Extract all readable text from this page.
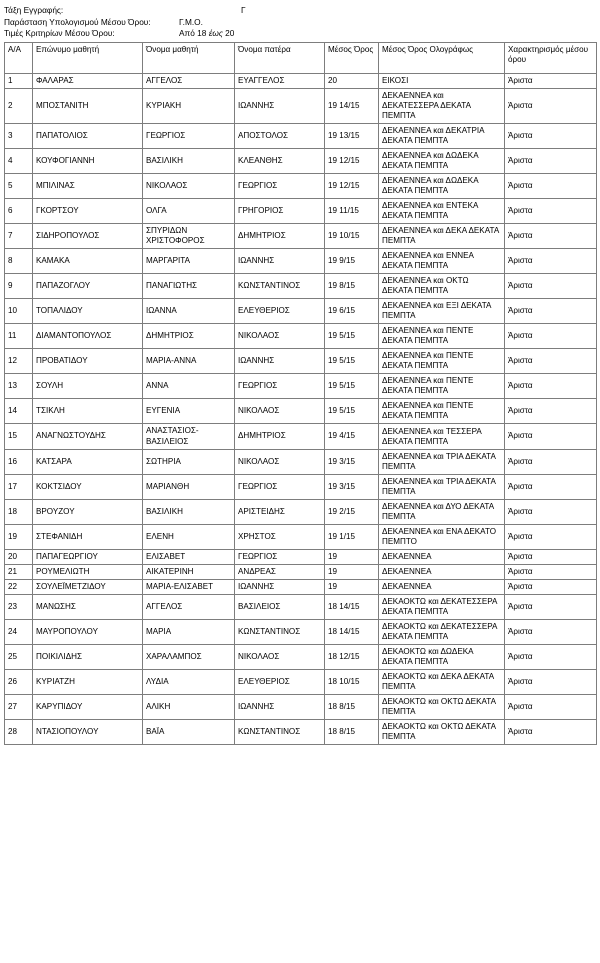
Τάξη Εγγραφής:	Γ
Παράσταση Υπολογισμού Μέσου Όρου:	Γ.Μ.Ο.
Τιμές Κριτηρίων Μέσου Όρου:	Από 18 έως 20
Α/Α	Επώνυμο μαθητή	Όνομα μαθητή	Όνομα πατέρα	Μέσος Όρος	Μέσος Όρος Ολογράφως	Χαρακτηρισμός μέσου όρου
1	ΦΑΛΑΡΑΣ	ΑΓΓΕΛΟΣ	ΕΥΑΓΓΕΛΟΣ	20	ΕΙΚΟΣΙ	Άριστα
2	ΜΠΟΣΤΑΝΙΤΗ	ΚΥΡΙΑΚΗ	ΙΩΑΝΝΗΣ	19 14/15	ΔΕΚΑΕΝΝΕΑ και ΔΕΚΑΤΕΣΣΕΡΑ ΔΕΚΑΤΑ ΠΕΜΠΤΑ	Άριστα
3	ΠΑΠΑΤΟΛΙΟΣ	ΓΕΩΡΓΙΟΣ	ΑΠΟΣΤΟΛΟΣ	19 13/15	ΔΕΚΑΕΝΝΕΑ και ΔΕΚΑΤΡΙΑ ΔΕΚΑΤΑ ΠΕΜΠΤΑ	Άριστα
4	ΚΟΥΦΟΓΙΑΝΝΗ	ΒΑΣΙΛΙΚΗ	ΚΛΕΑΝΘΗΣ	19 12/15	ΔΕΚΑΕΝΝΕΑ και ΔΩΔΕΚΑ ΔΕΚΑΤΑ ΠΕΜΠΤΑ	Άριστα
5	ΜΠΙΛΙΝΑΣ	ΝΙΚΟΛΑΟΣ	ΓΕΩΡΓΙΟΣ	19 12/15	ΔΕΚΑΕΝΝΕΑ και ΔΩΔΕΚΑ ΔΕΚΑΤΑ ΠΕΜΠΤΑ	Άριστα
6	ΓΚΟΡΤΣΟΥ	ΟΛΓΑ	ΓΡΗΓΟΡΙΟΣ	19 11/15	ΔΕΚΑΕΝΝΕΑ και ΕΝΤΕΚΑ ΔΕΚΑΤΑ ΠΕΜΠΤΑ	Άριστα
7	ΣΙΔΗΡΟΠΟΥΛΟΣ	ΣΠΥΡΙΔΩΝ ΧΡΙΣΤΟΦΟΡΟΣ	ΔΗΜΗΤΡΙΟΣ	19 10/15	ΔΕΚΑΕΝΝΕΑ και ΔΕΚΑ ΔΕΚΑΤΑ ΠΕΜΠΤΑ	Άριστα
8	ΚΑΜΑΚΑ	ΜΑΡΓΑΡΙΤΑ	ΙΩΑΝΝΗΣ	19 9/15	ΔΕΚΑΕΝΝΕΑ και ΕΝΝΕΑ ΔΕΚΑΤΑ ΠΕΜΠΤΑ	Άριστα
9	ΠΑΠΑΖΟΓΛΟΥ	ΠΑΝΑΓΙΩΤΗΣ	ΚΩΝΣΤΑΝΤΙΝΟΣ	19 8/15	ΔΕΚΑΕΝΝΕΑ και ΟΚΤΩ ΔΕΚΑΤΑ ΠΕΜΠΤΑ	Άριστα
10	ΤΟΠΑΛΙΔΟΥ	ΙΩΑΝΝΑ	ΕΛΕΥΘΕΡΙΟΣ	19 6/15	ΔΕΚΑΕΝΝΕΑ και ΕΞΙ ΔΕΚΑΤΑ ΠΕΜΠΤΑ	Άριστα
11	ΔΙΑΜΑΝΤΟΠΟΥΛΟΣ	ΔΗΜΗΤΡΙΟΣ	ΝΙΚΟΛΑΟΣ	19 5/15	ΔΕΚΑΕΝΝΕΑ και ΠΕΝΤΕ ΔΕΚΑΤΑ ΠΕΜΠΤΑ	Άριστα
12	ΠΡΟΒΑΤΙΔΟΥ	ΜΑΡΙΑ-ΑΝΝΑ	ΙΩΑΝΝΗΣ	19 5/15	ΔΕΚΑΕΝΝΕΑ και ΠΕΝΤΕ ΔΕΚΑΤΑ ΠΕΜΠΤΑ	Άριστα
13	ΣΟΥΛΗ	ΑΝΝΑ	ΓΕΩΡΓΙΟΣ	19 5/15	ΔΕΚΑΕΝΝΕΑ και ΠΕΝΤΕ ΔΕΚΑΤΑ ΠΕΜΠΤΑ	Άριστα
14	ΤΣΙΚΛΗ	ΕΥΓΕΝΙΑ	ΝΙΚΟΛΑΟΣ	19 5/15	ΔΕΚΑΕΝΝΕΑ και ΠΕΝΤΕ ΔΕΚΑΤΑ ΠΕΜΠΤΑ	Άριστα
15	ΑΝΑΓΝΩΣΤΟΥΔΗΣ	ΑΝΑΣΤΑΣΙΟΣ-ΒΑΣΙΛΕΙΟΣ	ΔΗΜΗΤΡΙΟΣ	19 4/15	ΔΕΚΑΕΝΝΕΑ και ΤΕΣΣΕΡΑ ΔΕΚΑΤΑ ΠΕΜΠΤΑ	Άριστα
16	ΚΑΤΣΑΡΑ	ΣΩΤΗΡΙΑ	ΝΙΚΟΛΑΟΣ	19 3/15	ΔΕΚΑΕΝΝΕΑ και ΤΡΙΑ ΔΕΚΑΤΑ ΠΕΜΠΤΑ	Άριστα
17	ΚΟΚΤΣΙΔΟΥ	ΜΑΡΙΑΝΘΗ	ΓΕΩΡΓΙΟΣ	19 3/15	ΔΕΚΑΕΝΝΕΑ και ΤΡΙΑ ΔΕΚΑΤΑ ΠΕΜΠΤΑ	Άριστα
18	ΒΡΟΥΖΟΥ	ΒΑΣΙΛΙΚΗ	ΑΡΙΣΤΕΙΔΗΣ	19 2/15	ΔΕΚΑΕΝΝΕΑ και ΔΥΟ ΔΕΚΑΤΑ ΠΕΜΠΤΑ	Άριστα
19	ΣΤΕΦΑΝΙΔΗ	ΕΛΕΝΗ	ΧΡΗΣΤΟΣ	19 1/15	ΔΕΚΑΕΝΝΕΑ και ΕΝΑ ΔΕΚΑΤΟ ΠΕΜΠΤΟ	Άριστα
20	ΠΑΠΑΓΕΩΡΓΙΟΥ	ΕΛΙΣΑΒΕΤ	ΓΕΩΡΓΙΟΣ	19	ΔΕΚΑΕΝΝΕΑ	Άριστα
21	ΡΟΥΜΕΛΙΩΤΗ	ΑΙΚΑΤΕΡΙΝΗ	ΑΝΔΡΕΑΣ	19	ΔΕΚΑΕΝΝΕΑ	Άριστα
22	ΣΟΥΛΕΪΜΕΤΖΙΔΟΥ	ΜΑΡΙΑ-ΕΛΙΣΑΒΕΤ	ΙΩΑΝΝΗΣ	19	ΔΕΚΑΕΝΝΕΑ	Άριστα
23	ΜΑΝΩΣΗΣ	ΑΓΓΕΛΟΣ	ΒΑΣΙΛΕΙΟΣ	18 14/15	ΔΕΚΑΟΚΤΩ και ΔΕΚΑΤΕΣΣΕΡΑ ΔΕΚΑΤΑ ΠΕΜΠΤΑ	Άριστα
24	ΜΑΥΡΟΠΟΥΛΟΥ	ΜΑΡΙΑ	ΚΩΝΣΤΑΝΤΙΝΟΣ	18 14/15	ΔΕΚΑΟΚΤΩ και ΔΕΚΑΤΕΣΣΕΡΑ ΔΕΚΑΤΑ ΠΕΜΠΤΑ	Άριστα
25	ΠΟΙΚΙΛΙΔΗΣ	ΧΑΡΑΛΑΜΠΟΣ	ΝΙΚΟΛΑΟΣ	18 12/15	ΔΕΚΑΟΚΤΩ και ΔΩΔΕΚΑ ΔΕΚΑΤΑ ΠΕΜΠΤΑ	Άριστα
26	ΚΥΡΙΑΤΖΗ	ΛΥΔΙΑ	ΕΛΕΥΘΕΡΙΟΣ	18 10/15	ΔΕΚΑΟΚΤΩ και ΔΕΚΑ ΔΕΚΑΤΑ ΠΕΜΠΤΑ	Άριστα
27	ΚΑΡΥΠΙΔΟΥ	ΑΛΙΚΗ	ΙΩΑΝΝΗΣ	18 8/15	ΔΕΚΑΟΚΤΩ και ΟΚΤΩ ΔΕΚΑΤΑ ΠΕΜΠΤΑ	Άριστα
28	ΝΤΑΣΙΟΠΟΥΛΟΥ	ΒΑΪΑ	ΚΩΝΣΤΑΝΤΙΝΟΣ	18 8/15	ΔΕΚΑΟΚΤΩ και ΟΚΤΩ ΔΕΚΑΤΑ ΠΕΜΠΤΑ	Άριστα
